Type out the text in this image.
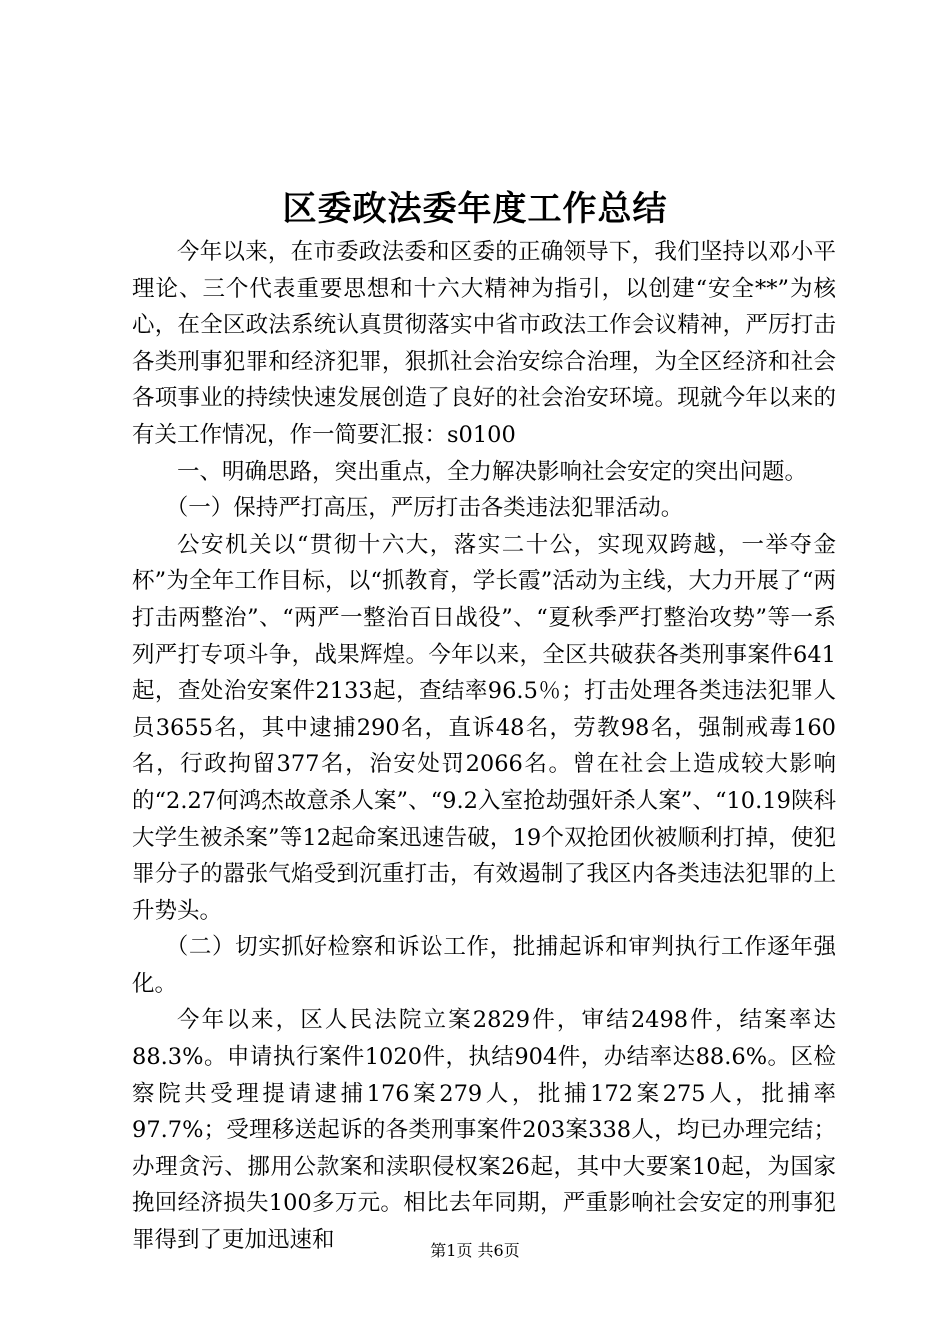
区委政法委年度工作总结

今年以来，在市委政法委和区委的正确领导下，我们坚持以邓小平理论、三个代表重要思想和十六大精神为指引，以创建“安全**”为核心，在全区政法系统认真贯彻落实中省市政法工作会议精神，严厉打击各类刑事犯罪和经济犯罪，狠抓社会治安综合治理，为全区经济和社会各项事业的持续快速发展创造了良好的社会治安环境。现就今年以来的有关工作情况，作一简要汇报：s0100

一、明确思路，突出重点，全力解决影响社会安定的突出问题。

（一）保持严打高压，严厉打击各类违法犯罪活动。

公安机关以“贯彻十六大，落实二十公，实现双跨越，一举夺金杯”为全年工作目标，以“抓教育，学长霞”活动为主线，大力开展了“两打击两整治”、“两严一整治百日战役”、“夏秋季严打整治攻势”等一系列严打专项斗争，战果辉煌。今年以来，全区共破获各类刑事案件641起，查处治安案件2133起，查结率96.5％；打击处理各类违法犯罪人员3655名，其中逮捕290名，直诉48名，劳教98名，强制戒毒160名，行政拘留377名，治安处罚2066名。曾在社会上造成较大影响的“2.27何鸿杰故意杀人案”、“9.2入室抢劫强奸杀人案”、“10.19陕科大学生被杀案”等12起命案迅速告破，19个双抢团伙被顺利打掉，使犯罪分子的嚣张气焰受到沉重打击，有效遏制了我区内各类违法犯罪的上升势头。

（二）切实抓好检察和诉讼工作，批捕起诉和审判执行工作逐年强化。

今年以来，区人民法院立案2829件，审结2498件，结案率达88.3%。申请执行案件1020件，执结904件，办结率达88.6%。区检察院共受理提请逮捕176案279人，批捕172案275人，批捕率97.7%；受理移送起诉的各类刑事案件203案338人，均已办理完结；办理贪污、挪用公款案和渎职侵权案26起，其中大要案10起，为国家挽回经济损失100多万元。相比去年同期，严重影响社会安定的刑事犯罪得到了更加迅速和	第1页 共6页
